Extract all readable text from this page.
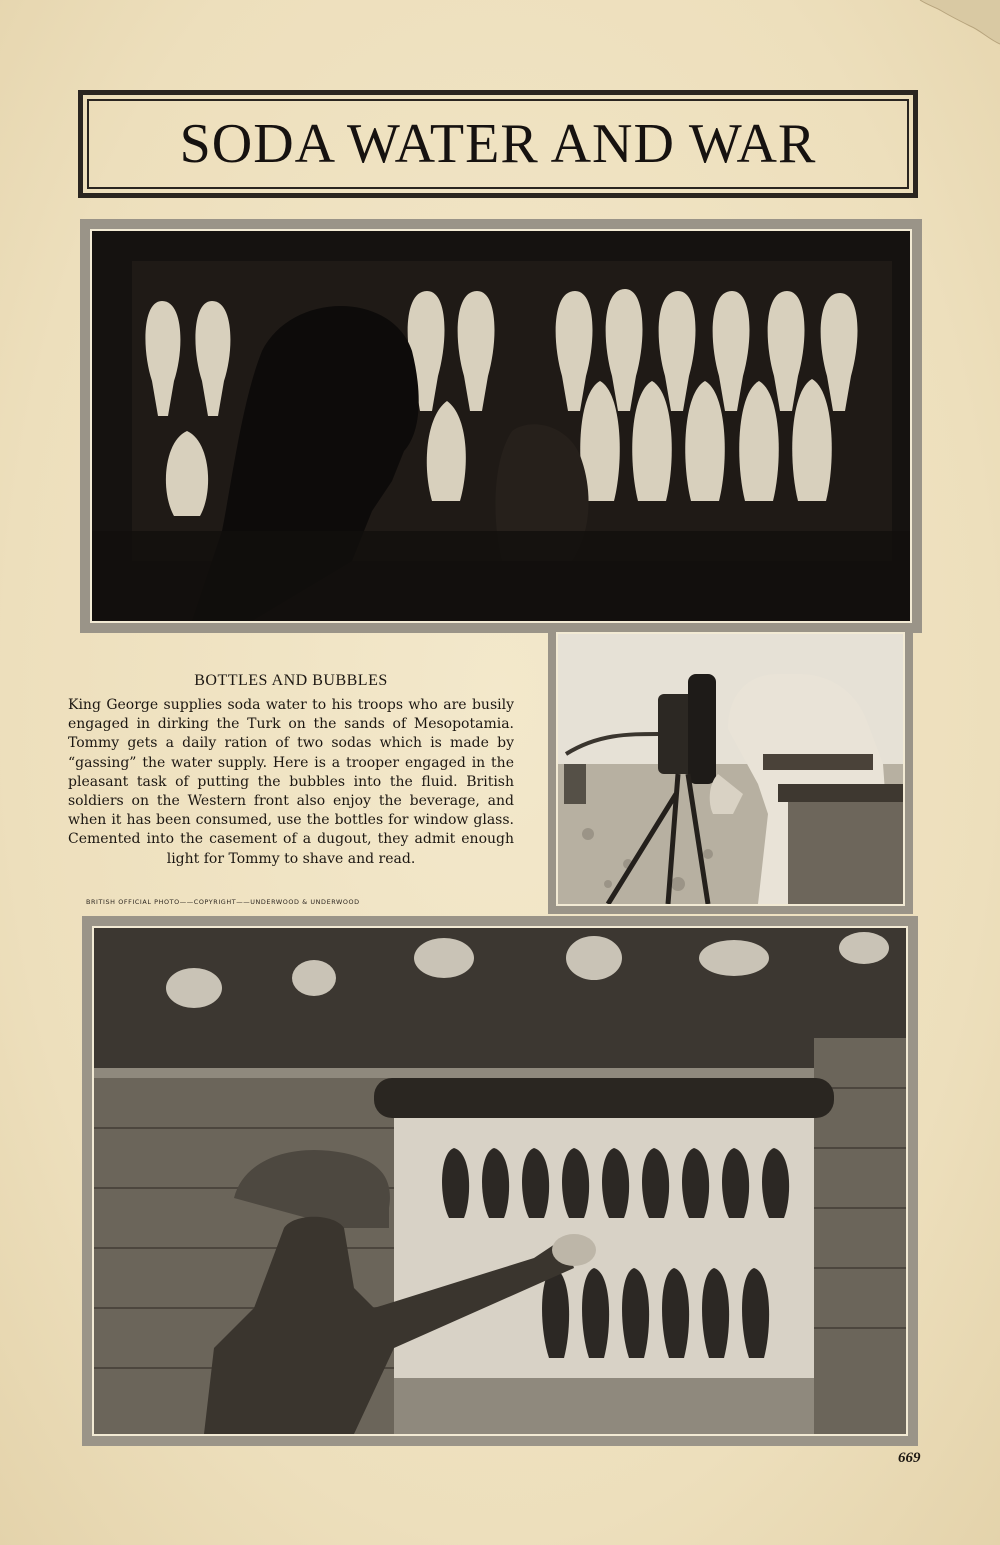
SODA WATER AND WAR
BOTTLES AND BUBBLES
King George supplies soda water to his troops who are busily engaged in dirking the Turk on the sands of Mesopotamia. Tommy gets a daily ration of two sodas which is made by “gassing” the water supply. Here is a trooper engaged in the pleasant task of putting the bubbles into the fluid. British soldiers on the Western front also enjoy the beverage, and when it has been consumed, use the bottles for window glass. Cemented into the casement of a dugout, they admit enough light for Tommy to shave and read.
BRITISH OFFICIAL PHOTO——COPYRIGHT——UNDERWOOD & UNDERWOOD
669
